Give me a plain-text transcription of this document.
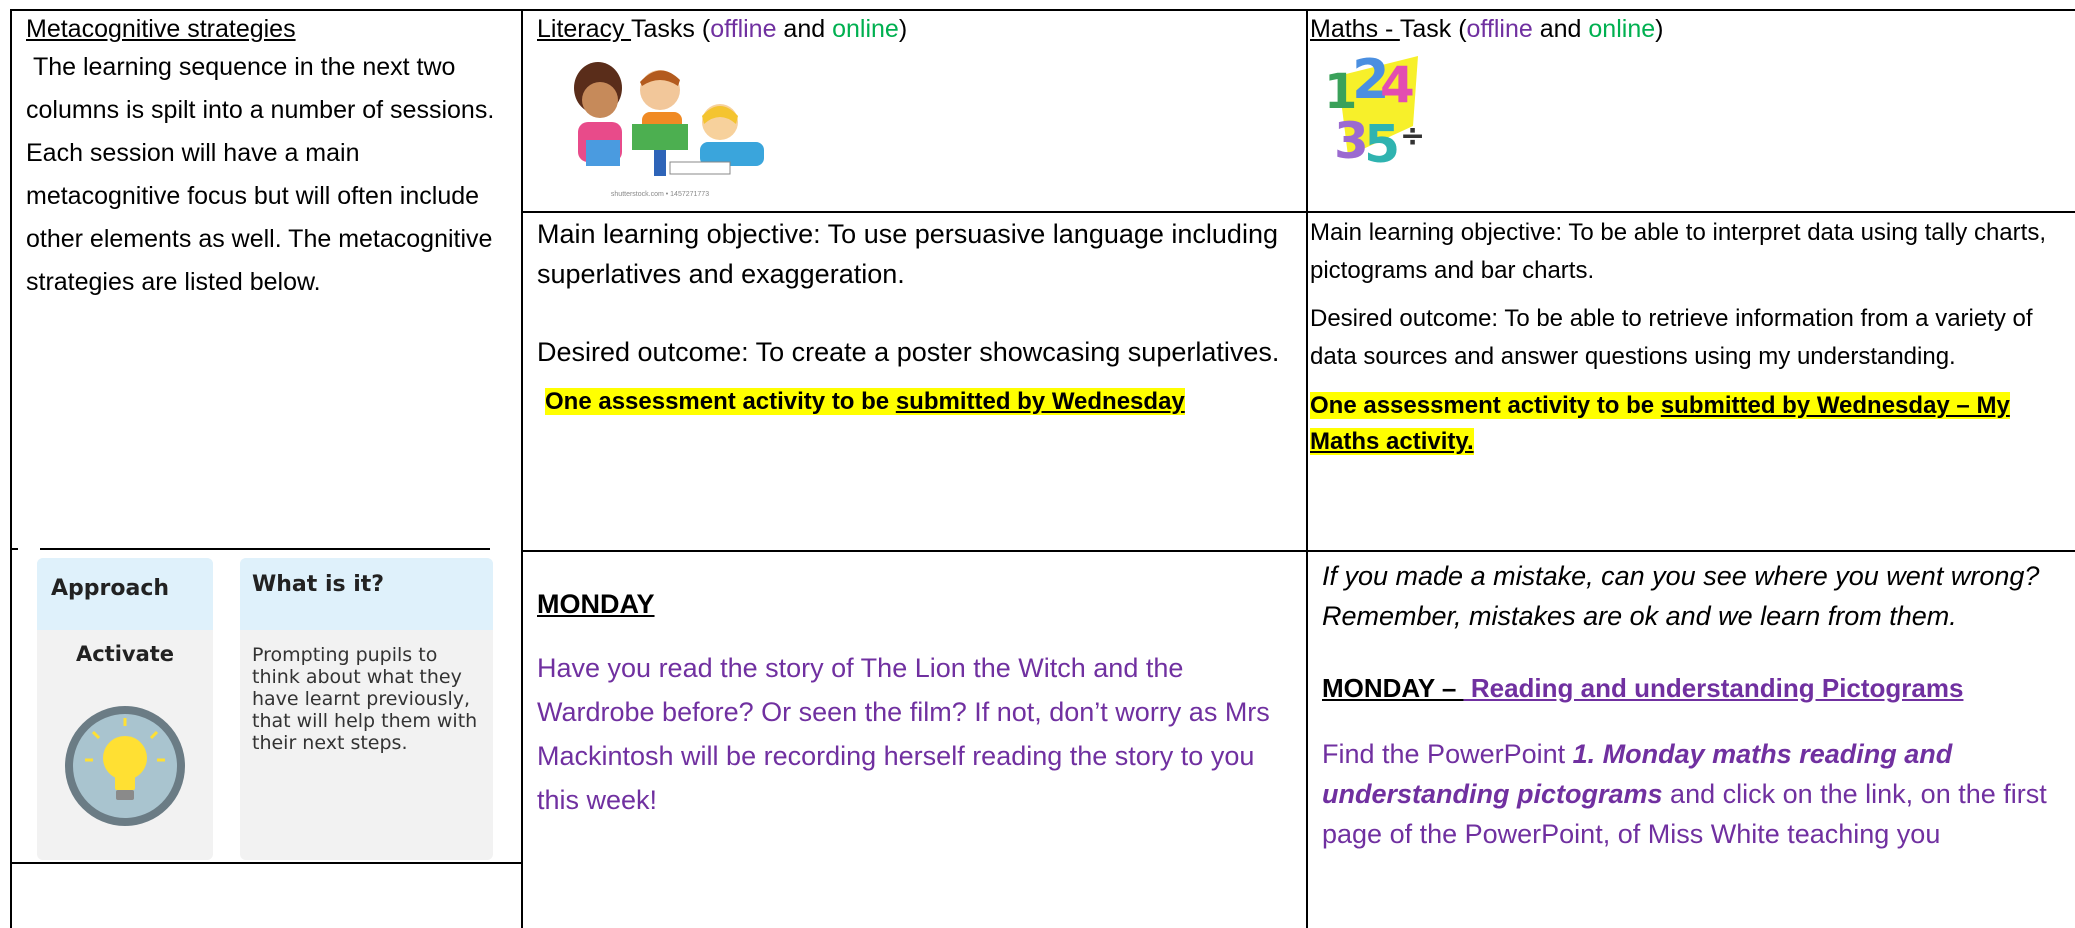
Metacognitive strategies
The learning sequence in the next two columns is spilt into a number of sessions. Each session will have a main metacognitive focus but will often include other elements as well. The metacognitive strategies are listed below.
Approach
Activate
What is it?
Prompting pupils to think about what they have learnt previously, that will help them with their next steps.
Literacy Tasks (offline and online)
shutterstock.com • 1457271773
Main learning objective: To use persuasive language including superlatives and exaggeration.
Desired outcome: To create a poster showcasing superlatives.
One assessment activity to be submitted by Wednesday
MONDAY
Have you read the story of The Lion the Witch and the Wardrobe before? Or seen the film? If not, don’t worry as Mrs Mackintosh will be recording herself reading the story to you this week!
Maths - Task (offline and online)
1
2
4
3
5 ÷
Main learning objective: To be able to interpret data using tally charts, pictograms and bar charts.
Desired outcome: To be able to retrieve information from a variety of data sources and answer questions using my understanding.
One assessment activity to be submitted by Wednesday – My Maths activity.
If you made a mistake, can you see where you went wrong? Remember, mistakes are ok and we learn from them.
MONDAY –  Reading and understanding Pictograms
Find the PowerPoint 1. Monday maths reading and understanding pictograms and click on the link, on the first page of the PowerPoint, of Miss White teaching you
